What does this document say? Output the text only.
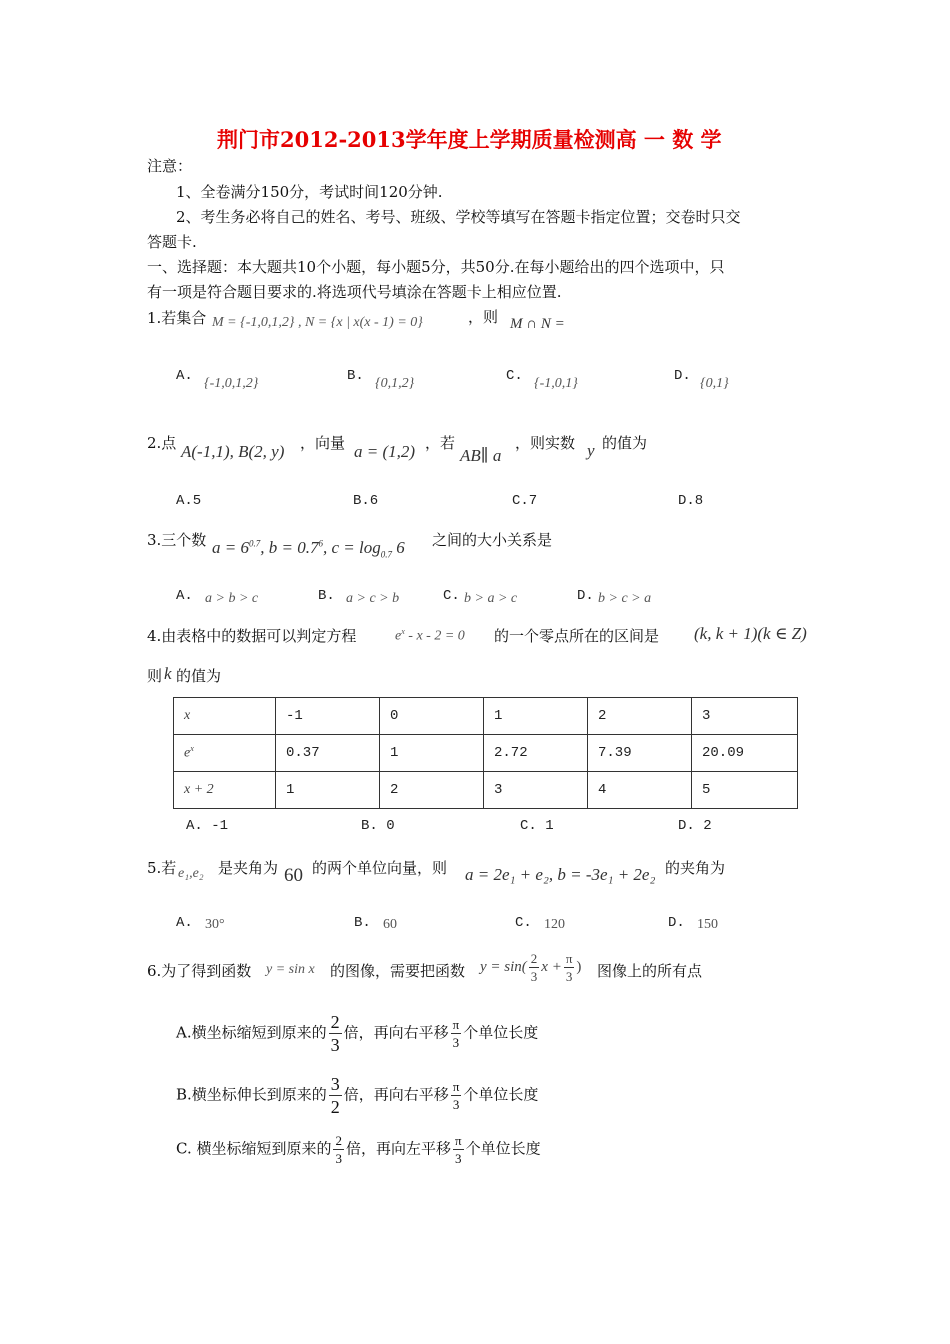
荆门市2012-2013学年度上学期质量检测高 一 数 学
注意：
1、全卷满分150分，考试时间120分钟.
2、考生务必将自己的姓名、考号、班级、学校等填写在答题卡指定位置；交卷时只交
答题卡.
一、选择题：本大题共10个小题，每小题5分，共50分.在每小题给出的四个选项中，只
有一项是符合题目要求的.将选项代号填涂在答题卡上相应位置.
1.若集合 M = {-1,0,1,2} , N = {x | x(x - 1) = 0}	，则 M ∩ N =
A. {-1,0,1,2}	B. {0,1,2}	C. {-1,0,1}	D. {0,1}
2.点 A(-1,1), B(2, y) ，向量 a = (1,2) ，若
AB∥ a
，则实数 y 的值为
A.5	B.6	C.7	D.8
3.三个数 $a = 6^{0.7}$, $b = 0.7^6$, $c = \log_{0.7} 6$ 之间的大小关系是
A. a > b > c	B. a > c > b	C. b > a > c	D. b > c > a
4.由表格中的数据可以判定方程	$e^x - x - 2 = 0$ 的一个零点所在的区间是 (k, k + 1)(k ∈ Z)
则 k 的值为
x	-1	0	1	2	3
$e^x$	0.37	1	2.72	7.39	20.09
x + 2	1	2	3	4	5
A. -1	B. 0	C. 1	D. 2
5.若 e₁,e₂ 是夹角为 60 的两个单位向量，则 a = 2e₁ + e₂, b = -3e₁ + 2e₂ 的夹角为
A. 30°	B. 60	C. 120	D. 150
6.为了得到函数 y = sin x 的图像，需要把函数 $y = \sin( \frac{2}{3}$ $x + \frac{\pi}{3}$ ) 图像上的所有点
A.横坐标缩短到原来的 $\frac{2}{3}$ 倍，再向右平移 $\frac{\pi}{3}$ 个单位长度
B.横坐标伸长到原来的 $\frac{3}{2}$ 倍，再向右平移 $\frac{\pi}{3}$ 个单位长度
C. 横坐标缩短到原来的 $\frac{2}{3}$ 倍，再向左平移 $\frac{\pi}{3}$ 个单位长度
